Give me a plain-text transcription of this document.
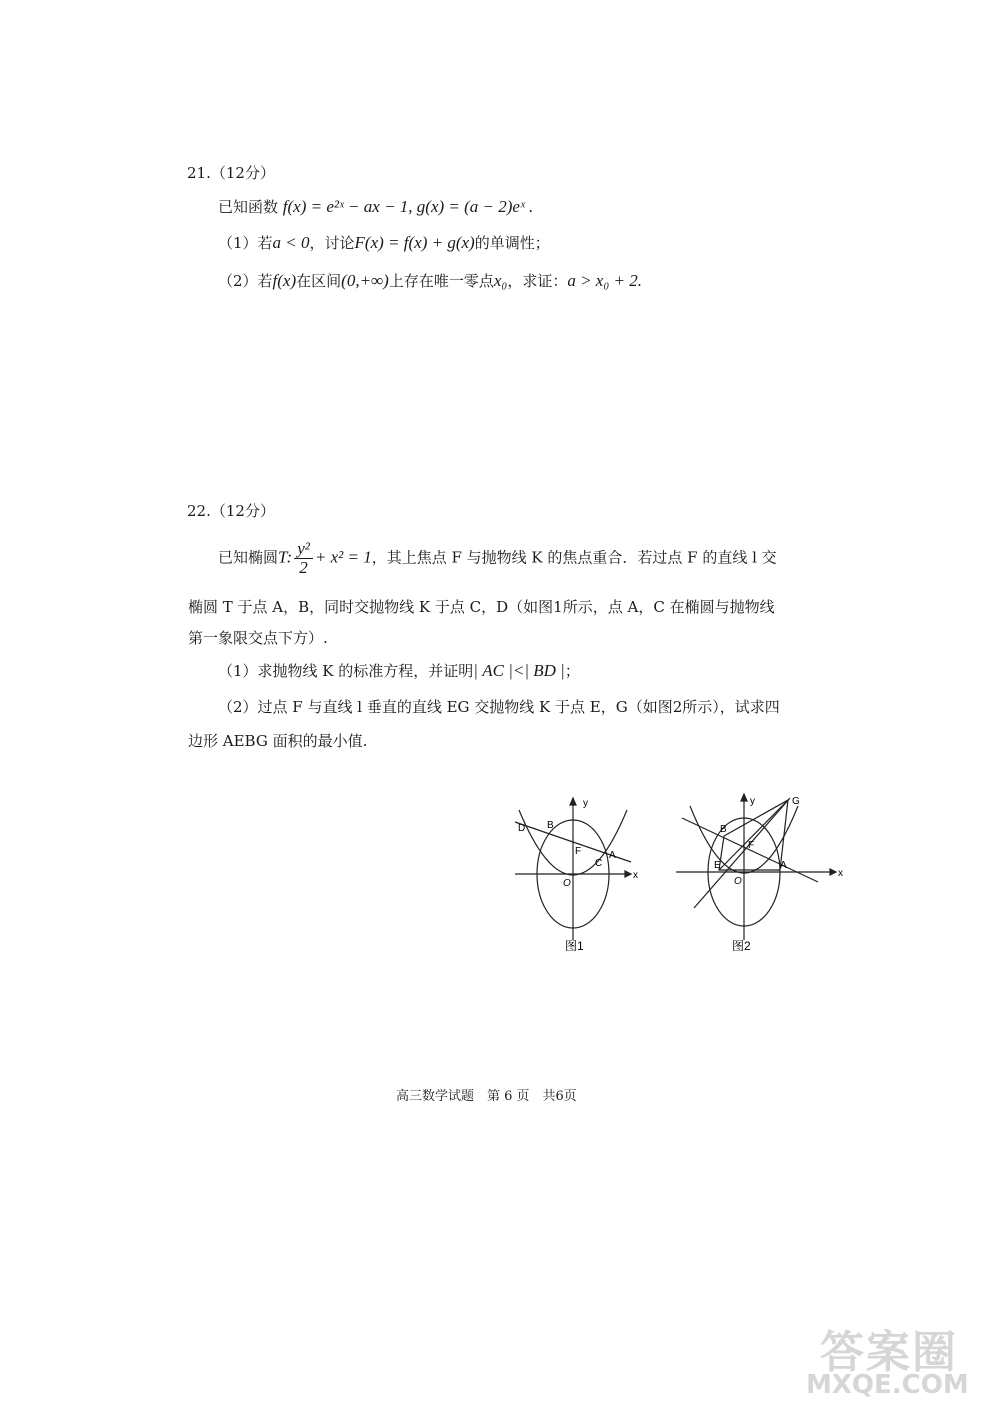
21.（12分）
已知函数 f(x) = e²ˣ − ax − 1, g(x) = (a − 2)eˣ .
（1）若a < 0，讨论F(x) = f(x) + g(x)的单调性；
（2）若f(x)在区间(0,+∞)上存在唯一零点x₀，求证：a > x₀ + 2.
22.（12分）
已知椭圆T: $\frac{\text{y²}}{2} + x^2 = 1$，其上焦点 F 与抛物线 K 的焦点重合．若过点 F 的直线 l 交
椭圆 T 于点 A，B，同时交抛物线 K 于点 C，D（如图1所示，点 A，C 在椭圆与抛物线
第一象限交点下方）.
（1）求抛物线 K 的标准方程，并证明| AC |<| BD |；
（2）过点 F 与直线 l 垂直的直线 EG 交抛物线 K 于点 E，G（如图2所示），试求四
边形 AEBG 面积的最小值.
y
x
O
F	A
B
C
D
图1
y
x
O
F
A
B
E
G
图2
高三数学试题　第 6 页　共6页
答案圈
MXQE.COM
